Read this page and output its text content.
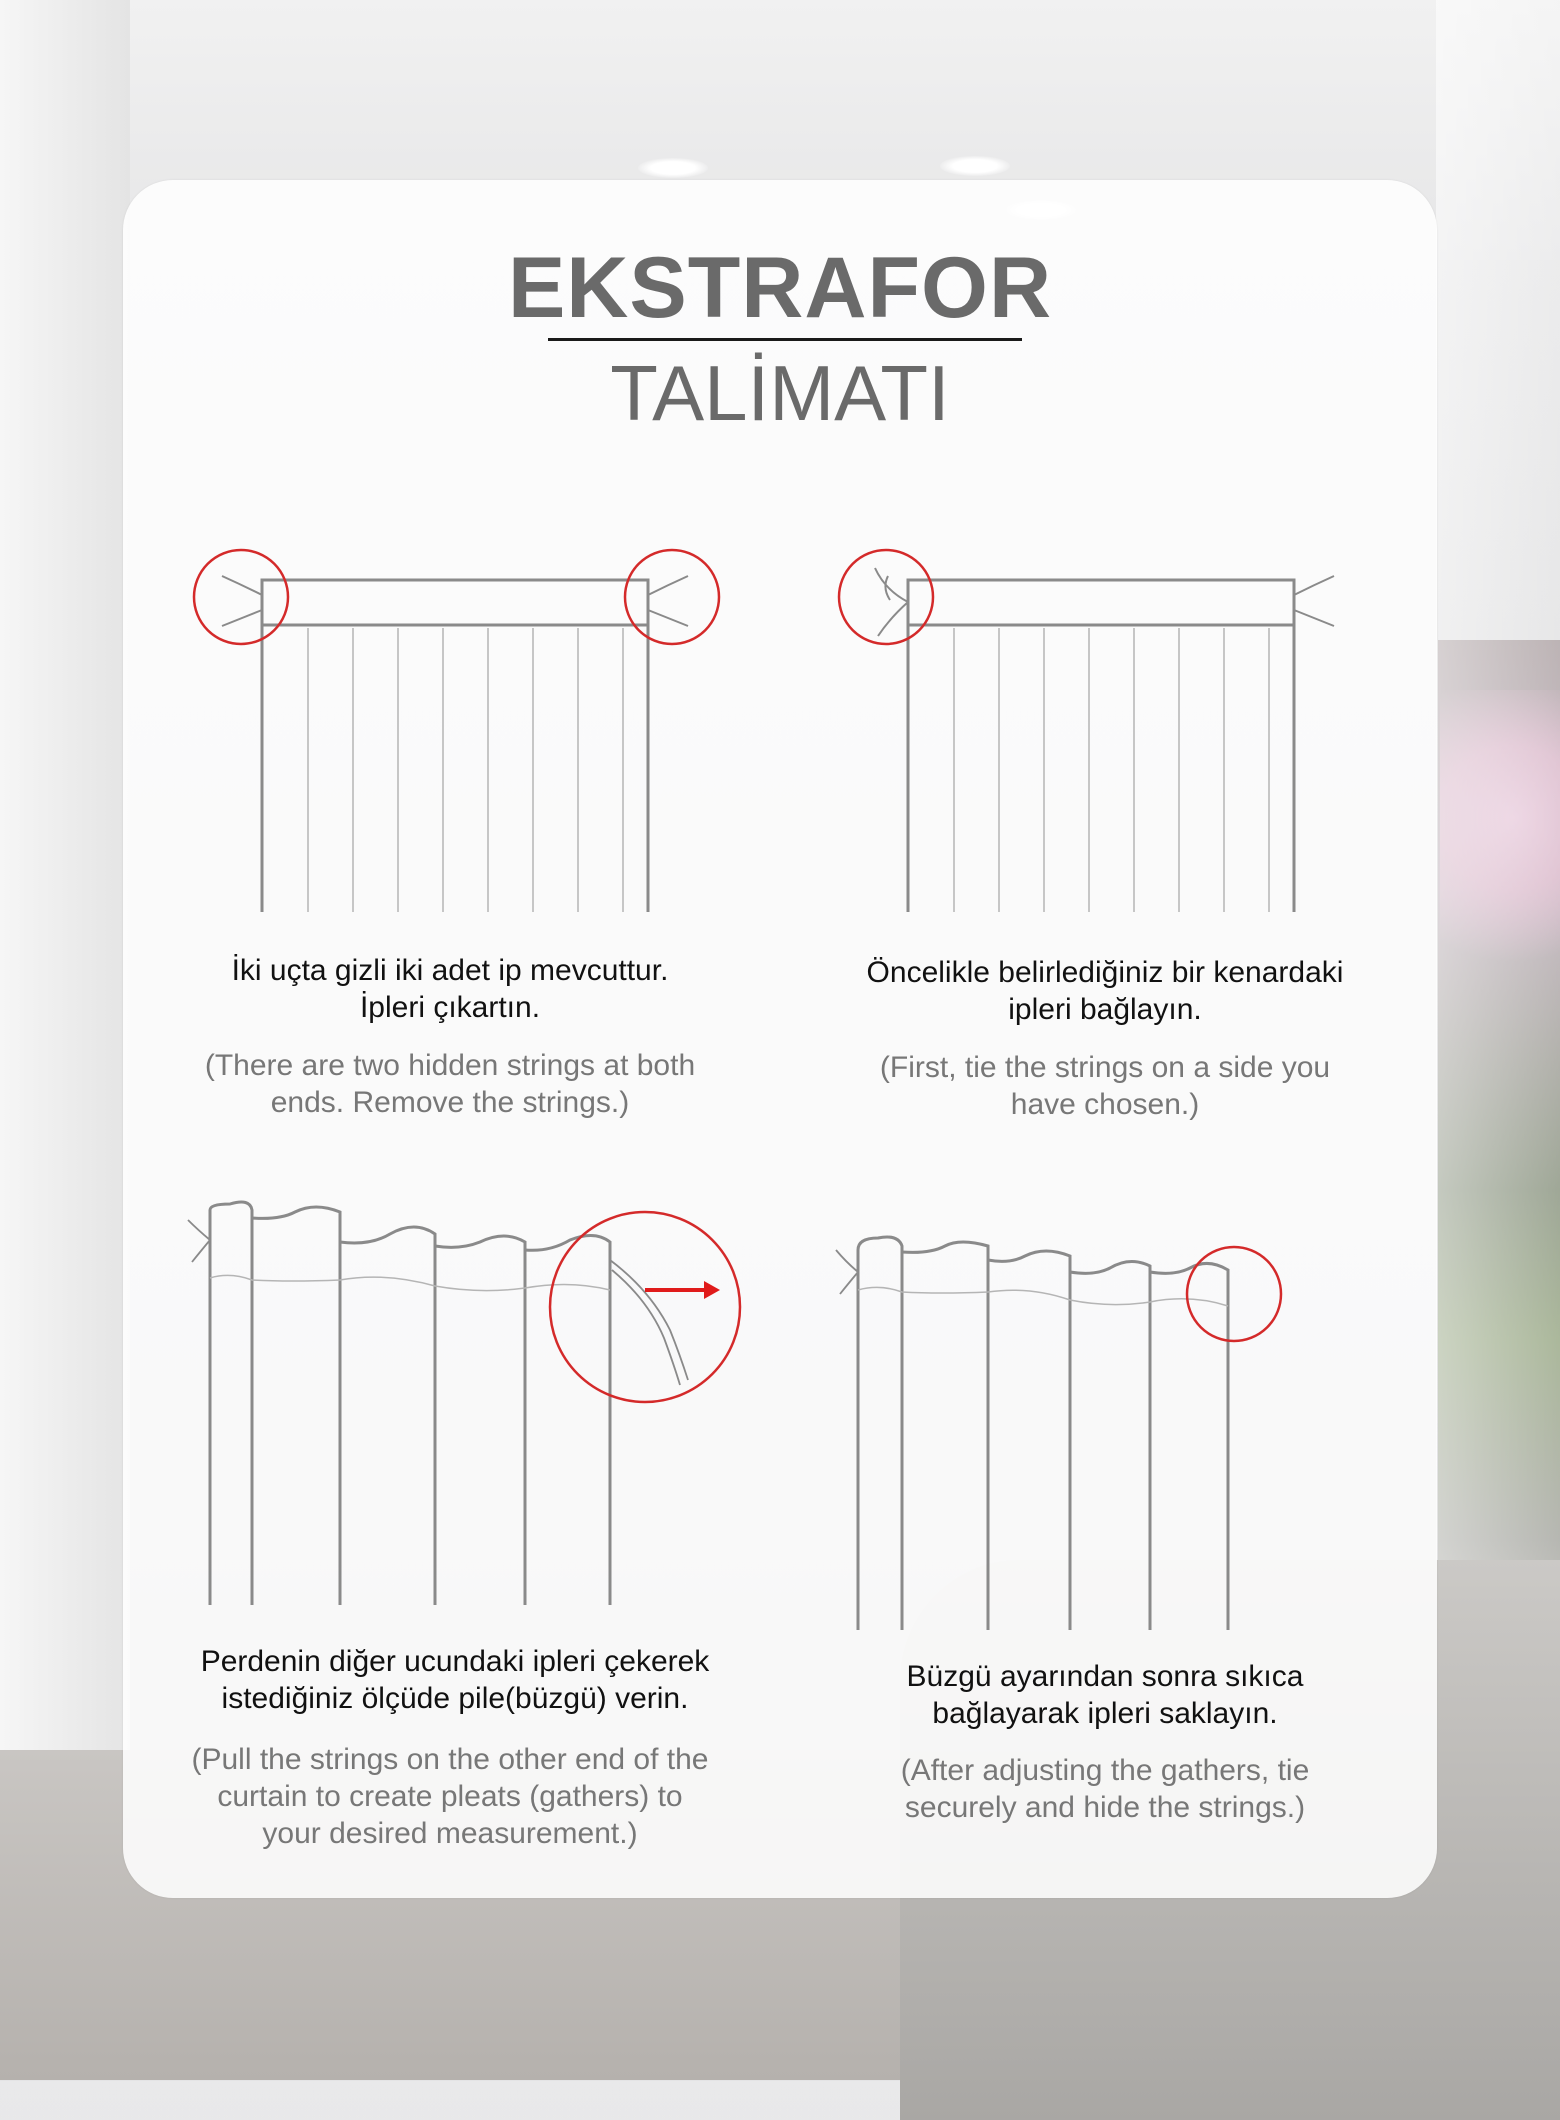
EKSTRAFOR
TALİMATI

İki uçta gizli iki adet ip mevcuttur.
İpleri çıkartın.

(There are two hidden strings at both
ends. Remove the strings.)

Öncelikle belirlediğiniz bir kenardaki
ipleri bağlayın.

(First, tie the strings on a side you
have chosen.)

Perdenin diğer ucundaki ipleri çekerek
istediğiniz ölçüde pile(büzgü) verin.

(Pull the strings on the other end of the
curtain to create pleats (gathers) to
your desired measurement.)

Büzgü ayarından sonra sıkıca
bağlayarak ipleri saklayın.

(After adjusting the gathers, tie
securely and hide the strings.)
